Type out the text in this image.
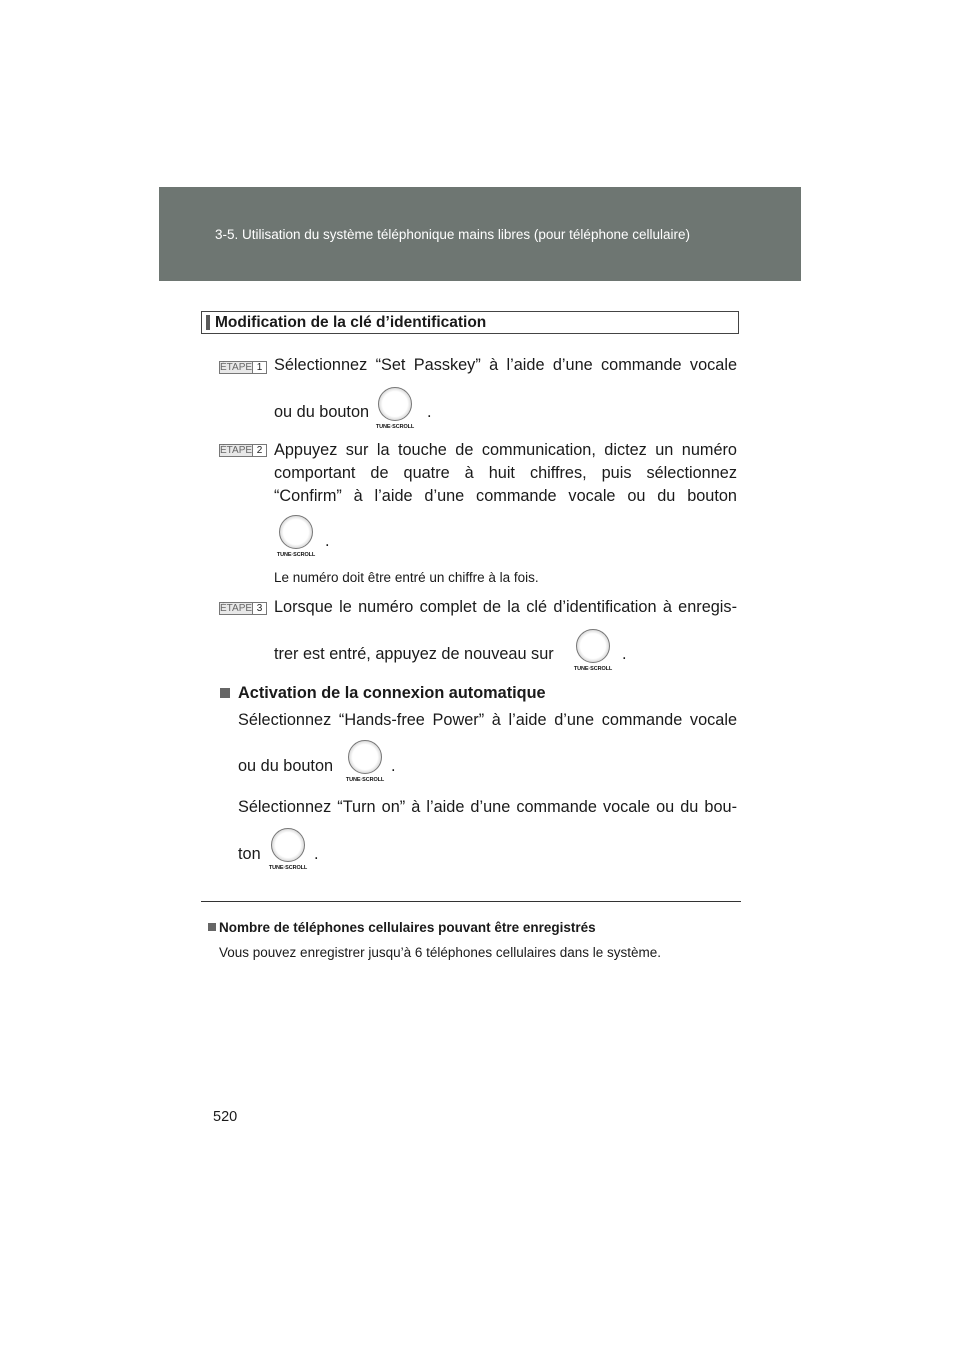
3-5. Utilisation du système téléphonique mains libres (pour téléphone cellulaire)
Modification de la clé d’identification
ÉTAPE 1 Sélectionnez “Set Passkey” à l’aide d’une commande vocale
ou du bouton
TUNE·SCROLL
.
ÉTAPE 2 Appuyez sur la touche de communication, dictez un numéro
comportant de quatre à huit chiffres, puis sélectionnez
“Confirm” à l’aide d’une commande vocale ou du bouton
TUNE·SCROLL
.
Le numéro doit être entré un chiffre à la fois.
ÉTAPE 3 Lorsque le numéro complet de la clé d’identification à enregis-
trer est entré, appuyez de nouveau sur
TUNE·SCROLL
.
Activation de la connexion automatique
Sélectionnez “Hands-free Power” à l’aide d’une commande vocale
ou du bouton
TUNE·SCROLL
.
Sélectionnez “Turn on” à l’aide d’une commande vocale ou du bou-
ton
TUNE·SCROLL
.
Nombre de téléphones cellulaires pouvant être enregistrés
Vous pouvez enregistrer jusqu’à 6 téléphones cellulaires dans le système.
520
